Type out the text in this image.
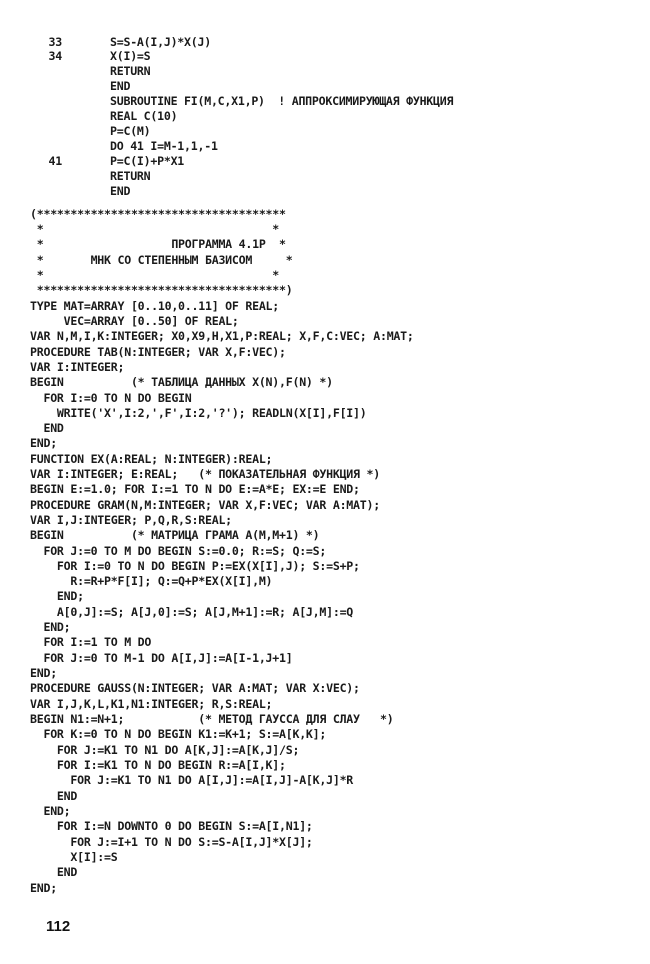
33	S=S-A(I,J)*X(J)
34	X(I)=S
RETURN
END
SUBROUTINE FI(M,C,X1,P)  ! АППРОКСИМИРУЮЩАЯ ФУНКЦИЯ
REAL C(10)
P=C(M)
DO 41 I=M-1,1,-1
41	P=C(I)+P*X1
RETURN
END
(*************************************
*                                  *
*                   ПРОГРАММА 4.1P  *
*       МНК СО СТЕПЕННЫМ БАЗИСОМ     *
*                                  *
*************************************)
TYPE MAT=ARRAY [0..10,0..11] OF REAL;
VEC=ARRAY [0..50] OF REAL;
VAR N,M,I,K:INTEGER; X0,X9,H,X1,P:REAL; X,F,C:VEC; A:MAT;
PROCEDURE TAB(N:INTEGER; VAR X,F:VEC);
VAR I:INTEGER;
BEGIN          (* ТАБЛИЦА ДАННЫХ X(N),F(N) *)
FOR I:=0 TO N DO BEGIN
WRITE('X',I:2,',F',I:2,'?'); READLN(X[I],F[I])
END
END;
FUNCTION EX(A:REAL; N:INTEGER):REAL;
VAR I:INTEGER; E:REAL;   (* ПОКАЗАТЕЛЬНАЯ ФУНКЦИЯ *)
BEGIN E:=1.0; FOR I:=1 TO N DO E:=A*E; EX:=E END;
PROCEDURE GRAM(N,M:INTEGER; VAR X,F:VEC; VAR A:MAT);
VAR I,J:INTEGER; P,Q,R,S:REAL;
BEGIN          (* МАТРИЦА ГРАМА A(M,M+1) *)
FOR J:=0 TO M DO BEGIN S:=0.0; R:=S; Q:=S;
FOR I:=0 TO N DO BEGIN P:=EX(X[I],J); S:=S+P;
R:=R+P*F[I]; Q:=Q+P*EX(X[I],M)
END;
A[0,J]:=S; A[J,0]:=S; A[J,M+1]:=R; A[J,M]:=Q
END;
FOR I:=1 TO M DO
FOR J:=0 TO M-1 DO A[I,J]:=A[I-1,J+1]
END;
PROCEDURE GAUSS(N:INTEGER; VAR A:MAT; VAR X:VEC);
VAR I,J,K,L,K1,N1:INTEGER; R,S:REAL;
BEGIN N1:=N+1;           (* МЕТОД ГАУССА ДЛЯ СЛАУ   *)
FOR K:=0 TO N DO BEGIN K1:=K+1; S:=A[K,K];
FOR J:=K1 TO N1 DO A[K,J]:=A[K,J]/S;
FOR I:=K1 TO N DO BEGIN R:=A[I,K];
FOR J:=K1 TO N1 DO A[I,J]:=A[I,J]-A[K,J]*R
END
END;
FOR I:=N DOWNTO 0 DO BEGIN S:=A[I,N1];
FOR J:=I+1 TO N DO S:=S-A[I,J]*X[J];
X[I]:=S
END
END;
112
